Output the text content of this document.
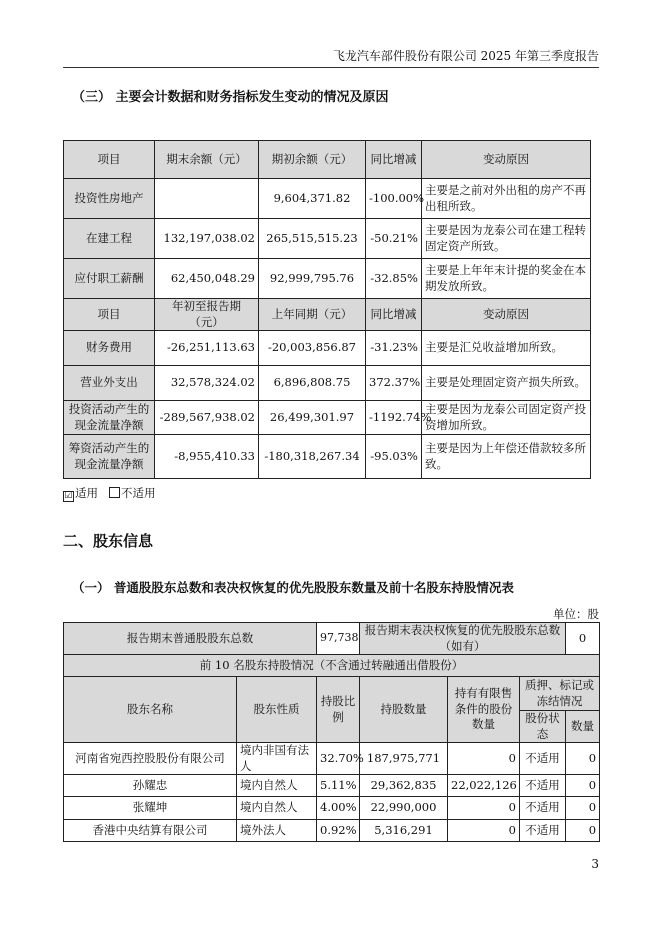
飞龙汽车部件股份有限公司 2025 年第三季度报告
（三） 主要会计数据和财务指标发生变动的情况及原因
项目	期末余额（元）	期初余额（元）	同比增减	变动原因
投资性房地产		9,604,371.82	-100.00%	主要是之前对外出租的房产不再出租所致。
在建工程	132,197,038.02	265,515,515.23	-50.21%	主要是因为龙泰公司在建工程转固定资产所致。
应付职工薪酬	62,450,048.29	92,999,795.76	-32.85%	主要是上年年末计提的奖金在本期发放所致。
项目	年初至报告期（元）	上年同期（元）	同比增减	变动原因
财务费用	-26,251,113.63	-20,003,856.87	-31.23%	主要是汇兑收益增加所致。
营业外支出	32,578,324.02	6,896,808.75	372.37%	主要是处理固定资产损失所致。
投资活动产生的现金流量净额	-289,567,938.02	26,499,301.97	-1192.74%	主要是因为龙泰公司固定资产投资增加所致。
筹资活动产生的现金流量净额	-8,955,410.33	-180,318,267.34	-95.03%	主要是因为上年偿还借款较多所致。
☑ 适用 不适用
二、股东信息
（一） 普通股股东总数和表决权恢复的优先股股东数量及前十名股东持股情况表
单位：股
报告期末普通股股东总数		97,738	报告期末表决权恢复的优先股股东总数（如有）			0
前 10 名股东持股情况（不含通过转融通出借股份）						
股东名称	股东性质	持股比例	持股数量	持有有限售条件的股份数量	质押、标记或冻结情况	
					股份状态	数量
河南省宛西控股股份有限公司	境内非国有法人	32.70%	187,975,771	0	不适用	0
孙耀忠	境内自然人	5.11%	29,362,835	22,022,126	不适用	0
张耀坤	境内自然人	4.00%	22,990,000	0	不适用	0
香港中央结算有限公司	境外法人	0.92%	5,316,291	0	不适用	0
3
